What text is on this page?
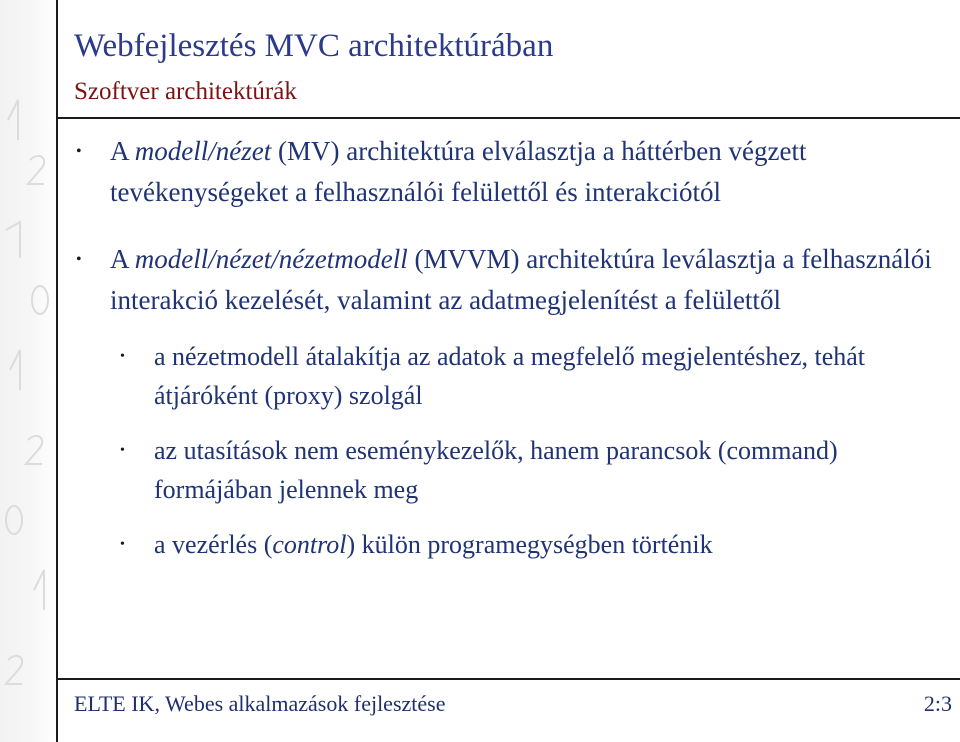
Webfejlesztés MVC architektúrában
Szoftver architektúrák
• A modell/nézet (MV) architektúra elválasztja a háttérben végzett tevékenységeket a felhasználói felülettől és interakciótól
• A modell/nézet/nézetmodell (MVVM) architektúra leválasztja a felhasználói interakció kezelését, valamint az adatmegjelenítést a felülettől
• a nézetmodell átalakítja az adatok a megfelelő megjelentéshez, tehát átjáróként (proxy) szolgál
• az utasítások nem eseménykezelők, hanem parancsok (command) formájában jelennek meg
• a vezérlés (control) külön programegységben történik
ELTE IK, Webes alkalmazások fejlesztése	2:3
